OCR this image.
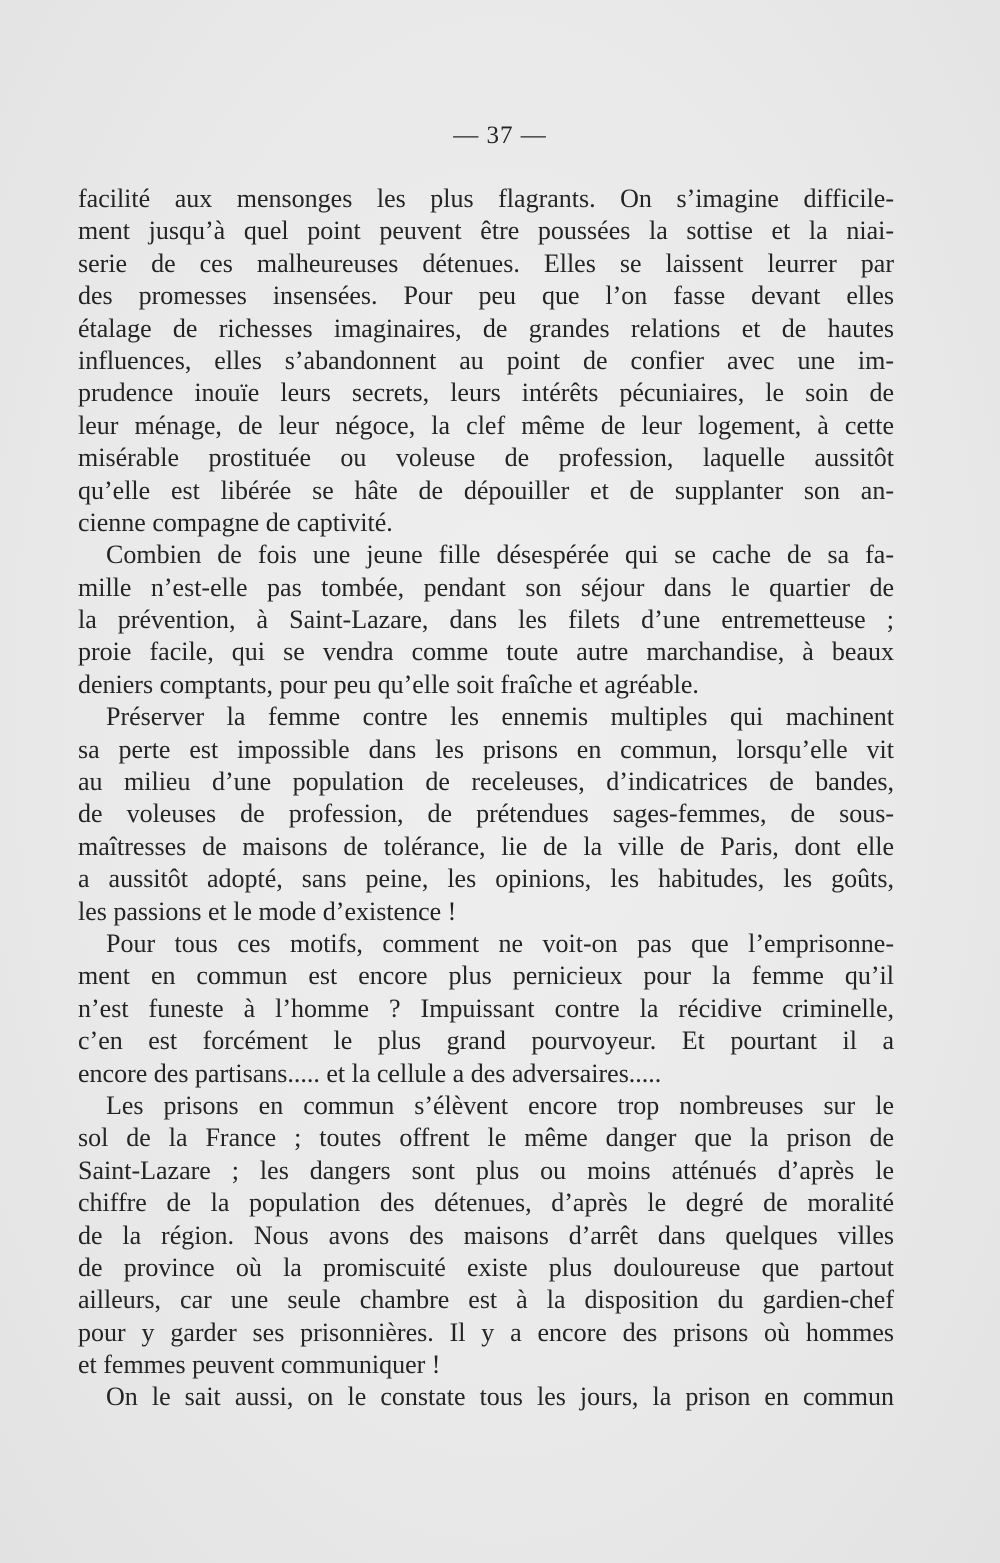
— 37 —
facilité aux mensonges les plus flagrants. On s’imagine difficile-
ment jusqu’à quel point peuvent être poussées la sottise et la niai-
serie de ces malheureuses détenues. Elles se laissent leurrer par
des promesses insensées. Pour peu que l’on fasse devant elles
étalage de richesses imaginaires, de grandes relations et de hautes
influences, elles s’abandonnent au point de confier avec une im-
prudence inouïe leurs secrets, leurs intérêts pécuniaires, le soin de
leur ménage, de leur négoce, la clef même de leur logement, à cette
misérable prostituée ou voleuse de profession, laquelle aussitôt
qu’elle est libérée se hâte de dépouiller et de supplanter son an-
cienne compagne de captivité.
Combien de fois une jeune fille désespérée qui se cache de sa fa-
mille n’est-elle pas tombée, pendant son séjour dans le quartier de
la prévention, à Saint-Lazare, dans les filets d’une entremetteuse ;
proie facile, qui se vendra comme toute autre marchandise, à beaux
deniers comptants, pour peu qu’elle soit fraîche et agréable.
Préserver la femme contre les ennemis multiples qui machinent
sa perte est impossible dans les prisons en commun, lorsqu’elle vit
au milieu d’une population de receleuses, d’indicatrices de bandes,
de voleuses de profession, de prétendues sages-femmes, de sous-
maîtresses de maisons de tolérance, lie de la ville de Paris, dont elle
a aussitôt adopté, sans peine, les opinions, les habitudes, les goûts,
les passions et le mode d’existence !
Pour tous ces motifs, comment ne voit-on pas que l’emprisonne-
ment en commun est encore plus pernicieux pour la femme qu’il
n’est funeste à l’homme ? Impuissant contre la récidive criminelle,
c’en est forcément le plus grand pourvoyeur. Et pourtant il a
encore des partisans..... et la cellule a des adversaires.....
Les prisons en commun s’élèvent encore trop nombreuses sur le
sol de la France ; toutes offrent le même danger que la prison de
Saint-Lazare ; les dangers sont plus ou moins atténués d’après le
chiffre de la population des détenues, d’après le degré de moralité
de la région. Nous avons des maisons d’arrêt dans quelques villes
de province où la promiscuité existe plus douloureuse que partout
ailleurs, car une seule chambre est à la disposition du gardien-chef
pour y garder ses prisonnières. Il y a encore des prisons où hommes
et femmes peuvent communiquer !
On le sait aussi, on le constate tous les jours, la prison en commun
